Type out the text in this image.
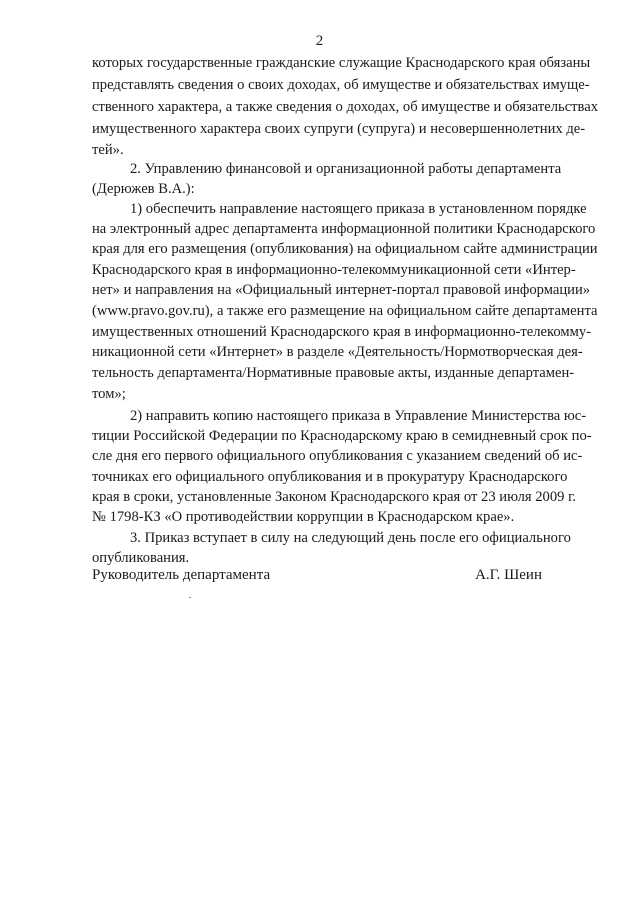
2
которых государственные гражданские служащие Краснодарского края обязаны
представлять сведения о своих доходах, об имуществе и обязательствах имуще-
ственного характера, а также сведения о доходах, об имуществе и обязательствах
имущественного характера своих супруги (супруга) и несовершеннолетних де-
тей».
2. Управлению финансовой и организационной работы департамента
(Дерюжев В.А.):
1) обеспечить направление настоящего приказа в установленном порядке
на электронный адрес департамента информационной политики Краснодарского
края для его размещения (опубликования) на официальном сайте администрации
Краснодарского края в информационно-телекоммуникационной сети «Интер-
нет» и направления на «Официальный интернет-портал правовой информации»
(www.pravo.gov.ru), а также его размещение на официальном сайте департамента
имущественных отношений Краснодарского края в информационно-телекомму-
никационной сети «Интернет» в разделе «Деятельность/Нормотворческая дея-
тельность департамента/Нормативные правовые акты, изданные департамен-
том»;
2) направить копию настоящего приказа в Управление Министерства юс-
тиции Российской Федерации по Краснодарскому краю в семидневный срок по-
сле дня его первого официального опубликования с указанием сведений об ис-
точниках его официального опубликования и в прокуратуру Краснодарского
края в сроки, установленные Законом Краснодарского края от 23 июля 2009 г.
№ 1798-КЗ «О противодействии коррупции в Краснодарском крае».
3. Приказ вступает в силу на следующий день после его официального
опубликования.
Руководитель департамента	А.Г. Шеин
